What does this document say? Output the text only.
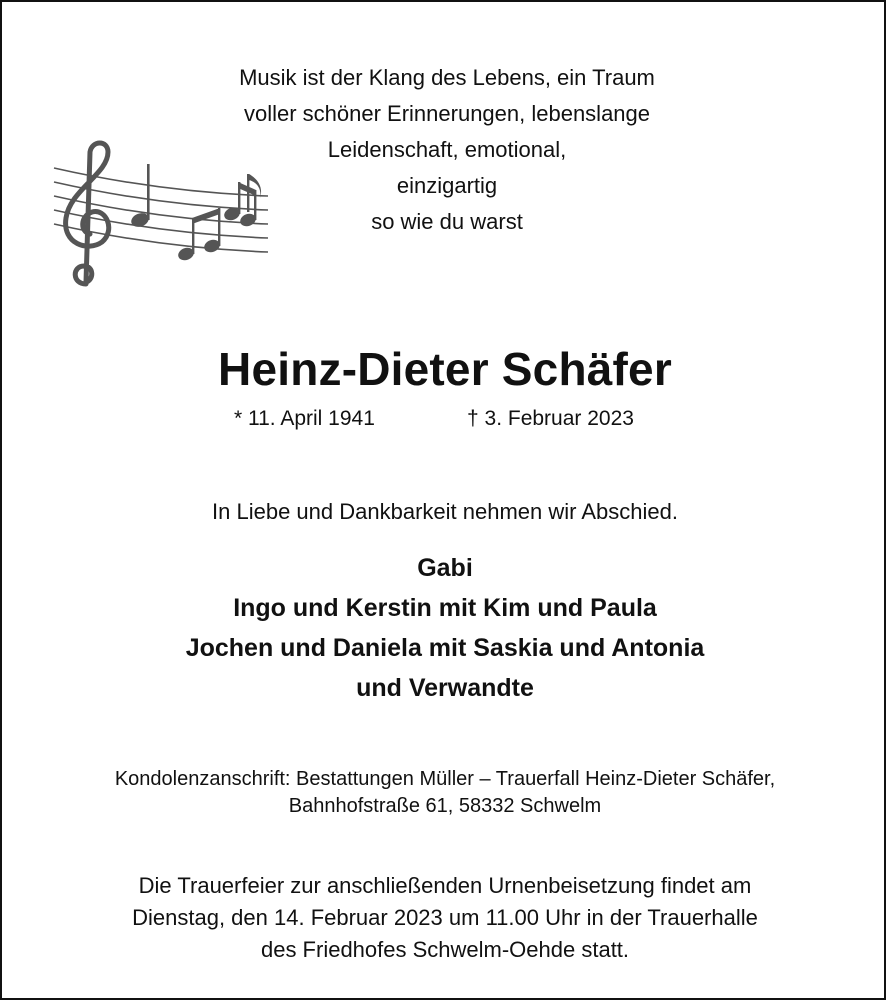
Musik ist der Klang des Lebens, ein Traum
voller schöner Erinnerungen, lebenslange
Leidenschaft, emotional,
einzigartig
so wie du warst
Heinz-Dieter Schäfer
* 11. April 1941	† 3. Februar 2023
In Liebe und Dankbarkeit nehmen wir Abschied.
Gabi
Ingo und Kerstin mit Kim und Paula
Jochen und Daniela mit Saskia und Antonia
und Verwandte
Kondolenzanschrift: Bestattungen Müller – Trauerfall Heinz-Dieter Schäfer,
Bahnhofstraße 61, 58332 Schwelm
Die Trauerfeier zur anschließenden Urnenbeisetzung findet am
Dienstag, den 14. Februar 2023 um 11.00 Uhr in der Trauerhalle
des Friedhofes Schwelm-Oehde statt.
